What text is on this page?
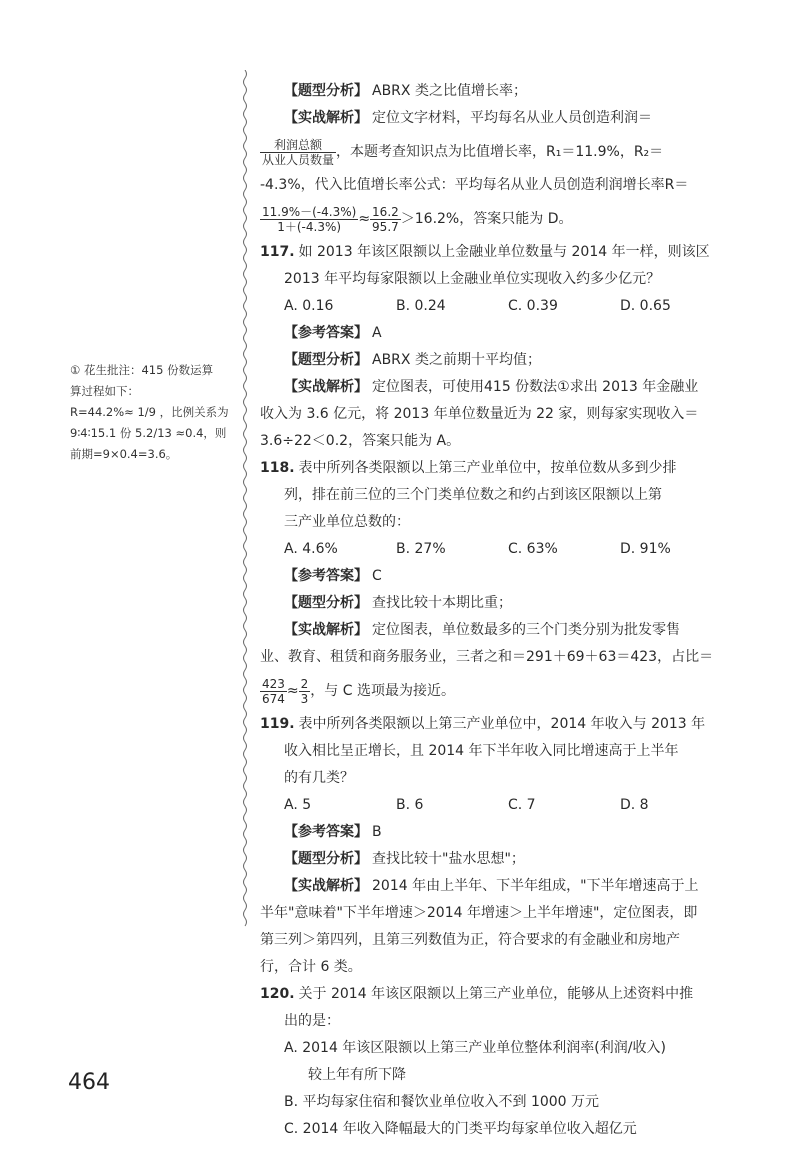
① 花生批注：415 份数运算
算过程如下：
R=44.2%≈ 1/9 ，比例关系为
9∶4∶15.1 份 5.2/13 ≈0.4，则
前期=9×0.4=3.6。
【题型分析】 ABRX 类之比值增长率；
【实战解析】 定位文字材料，平均每名从业人员创造利润＝
$\frac{\text{利润总额}}{\text{从业人员数量}}$ ，本题考查知识点为比值增长率，R₁＝11.9%，R₂＝
-4.3%，代入比值增长率公式：平均每名从业人员创造利润增长率R＝
$\frac{11.9\%-(-4.3\%)}{1+(-4.3\%)} \approx \frac{16.2}{95.7} >16.2\%$，答案只能为 D。
117. 如 2013 年该区限额以上金融业单位数量与 2014 年一样，则该区
2013 年平均每家限额以上金融业单位实现收入约多少亿元？
A. 0.16	B. 0.24	C. 0.39	D. 0.65
【参考答案】 A
【题型分析】 ABRX 类之前期十平均值；
【实战解析】 定位图表，可使用415 份数法①求出 2013 年金融业
收入为 3.6 亿元，将 2013 年单位数量近为 22 家，则每家实现收入＝
3.6÷22＜0.2，答案只能为 A。
118. 表中所列各类限额以上第三产业单位中，按单位数从多到少排
列，排在前三位的三个门类单位数之和约占到该区限额以上第
三产业单位总数的：
A. 4.6%	B. 27%	C. 63%	D. 91%
【参考答案】 C
【题型分析】 查找比较十本期比重；
【实战解析】 定位图表，单位数最多的三个门类分别为批发零售
业、教育、租赁和商务服务业，三者之和＝291＋69＋63＝423，占比＝
$\frac{423}{674} \approx \frac{2}{3}$ ，与 C 选项最为接近。
119. 表中所列各类限额以上第三产业单位中，2014 年收入与 2013 年
收入相比呈正增长，且 2014 年下半年收入同比增速高于上半年
的有几类？
A. 5	B. 6	C. 7	D. 8
【参考答案】 B
【题型分析】 查找比较十"盐水思想"；
【实战解析】 2014 年由上半年、下半年组成，"下半年增速高于上
半年"意味着"下半年增速＞2014 年增速＞上半年增速"，定位图表，即
第三列＞第四列，且第三列数值为正，符合要求的有金融业和房地产
行，合计 6 类。
120. 关于 2014 年该区限额以上第三产业单位，能够从上述资料中推
出的是：
A. 2014 年该区限额以上第三产业单位整体利润率(利润/收入)
较上年有所下降
B. 平均每家住宿和餐饮业单位收入不到 1000 万元
C. 2014 年收入降幅最大的门类平均每家单位收入超亿元
464
